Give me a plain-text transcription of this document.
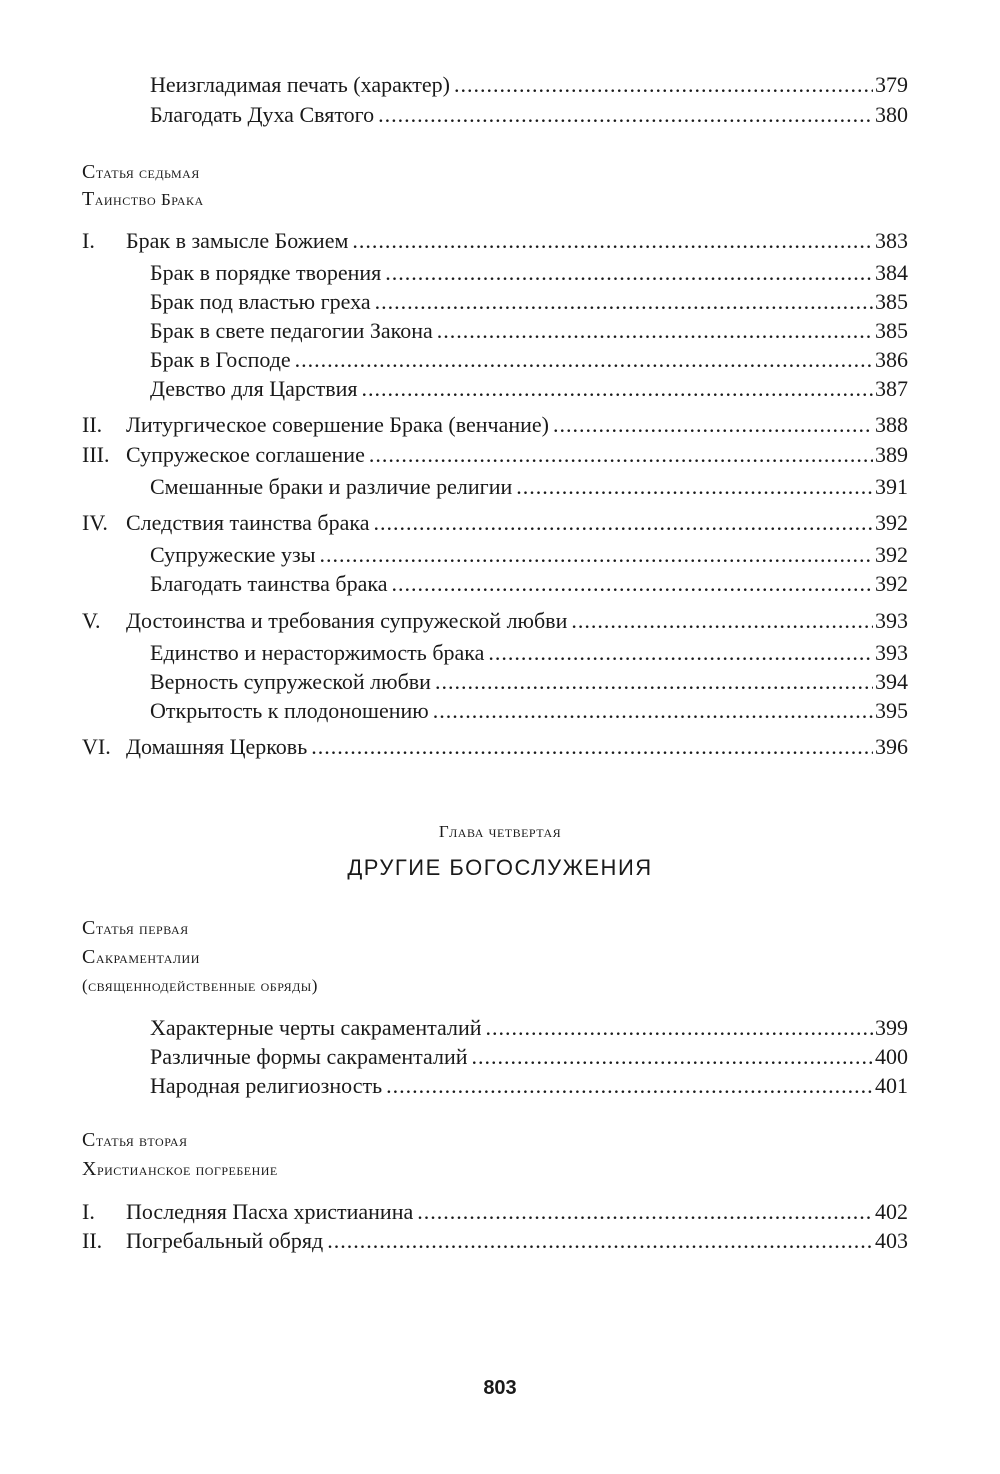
Неизгладимая печать (характер) .....	379
Благодать Духа Святого .....	380
Статья седьмая
Таинство Брака
I.	Брак в замысле Божием .....	383
Брак в порядке творения .....	384
Брак под властью греха .....	385
Брак в свете педагогии Закона .....	385
Брак в Господе .....	386
Девство для Царствия .....	387
II.	Литургическое совершение Брака (венчание) .....	388
III. Супружеское соглашение .....	389
Смешанные браки и различие религии .....	391
IV. Следствия таинства брака .....	392
Супружеские узы .....	392
Благодать таинства брака .....	392
V.	Достоинства и требования супружеской любви .....	393
Единство и нерасторжимость брака .....	393
Верность супружеской любви .....	394
Открытость к плодоношению .....	395
VI. Домашняя Церковь .....	396
Глава четвертая
ДРУГИЕ БОГОСЛУЖЕНИЯ
Статья первая
Сакраменталии
(священнодейственные обряды)
Характерные черты сакраменталий .....	399
Различные формы сакраменталий .....	400
Народная религиозность .....	401
Статья вторая
Христианское погребение
I.	Последняя Пасха христианина .....	402
II.	Погребальный обряд .....	403
803
